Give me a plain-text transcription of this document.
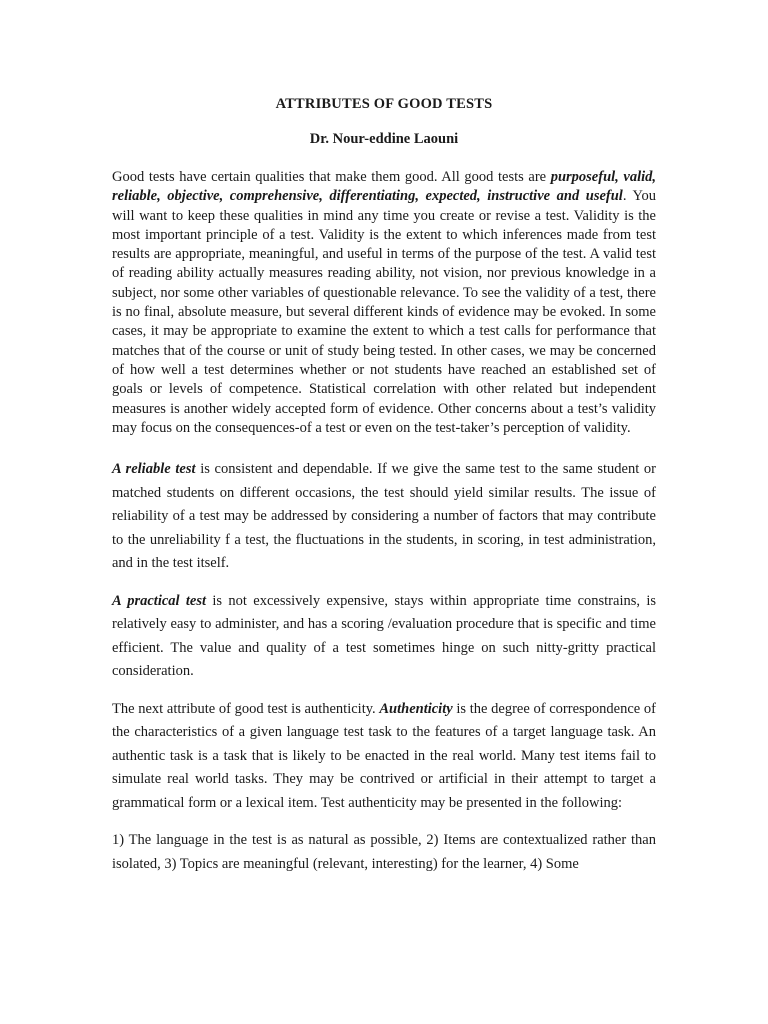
ATTRIBUTES OF GOOD TESTS
Dr. Nour-eddine Laouni

Good tests have certain qualities that make them good. All good tests are purposeful, valid, reliable, objective, comprehensive, differentiating, expected, instructive and useful. You will want to keep these qualities in mind any time you create or revise a test. Validity is the most important principle of a test. Validity is the extent to which inferences made from test results are appropriate, meaningful, and useful in terms of the purpose of the test. A valid test of reading ability actually measures reading ability, not vision, nor previous knowledge in a subject, nor some other variables of questionable relevance. To see the validity of a test, there is no final, absolute measure, but several different kinds of evidence may be evoked. In some cases, it may be appropriate to examine the extent to which a test calls for performance that matches that of the course or unit of study being tested. In other cases, we may be concerned of how well a test determines whether or not students have reached an established set of goals or levels of competence. Statistical correlation with other related but independent measures is another widely accepted form of evidence. Other concerns about a test’s validity may focus on the consequences-of a test or even on the test-taker’s perception of validity.

A reliable test is consistent and dependable. If we give the same test to the same student or matched students on different occasions, the test should yield similar results. The issue of reliability of a test may be addressed by considering a number of factors that may contribute to the unreliability f a test, the fluctuations in the students, in scoring, in test administration, and in the test itself.

A practical test is not excessively expensive, stays within appropriate time constrains, is relatively easy to administer, and has a scoring /evaluation procedure that is specific and time efficient. The value and quality of a test sometimes hinge on such nitty-gritty practical consideration.

The next attribute of good test is authenticity. Authenticity is the degree of correspondence of the characteristics of a given language test task to the features of a target language task. An authentic task is a task that is likely to be enacted in the real world. Many test items fail to simulate real world tasks. They may be contrived or artificial in their attempt to target a grammatical form or a lexical item. Test authenticity may be presented in the following:

1) The language in the test is as natural as possible, 2) Items are contextualized rather than isolated, 3) Topics are meaningful (relevant, interesting) for the learner, 4) Some
